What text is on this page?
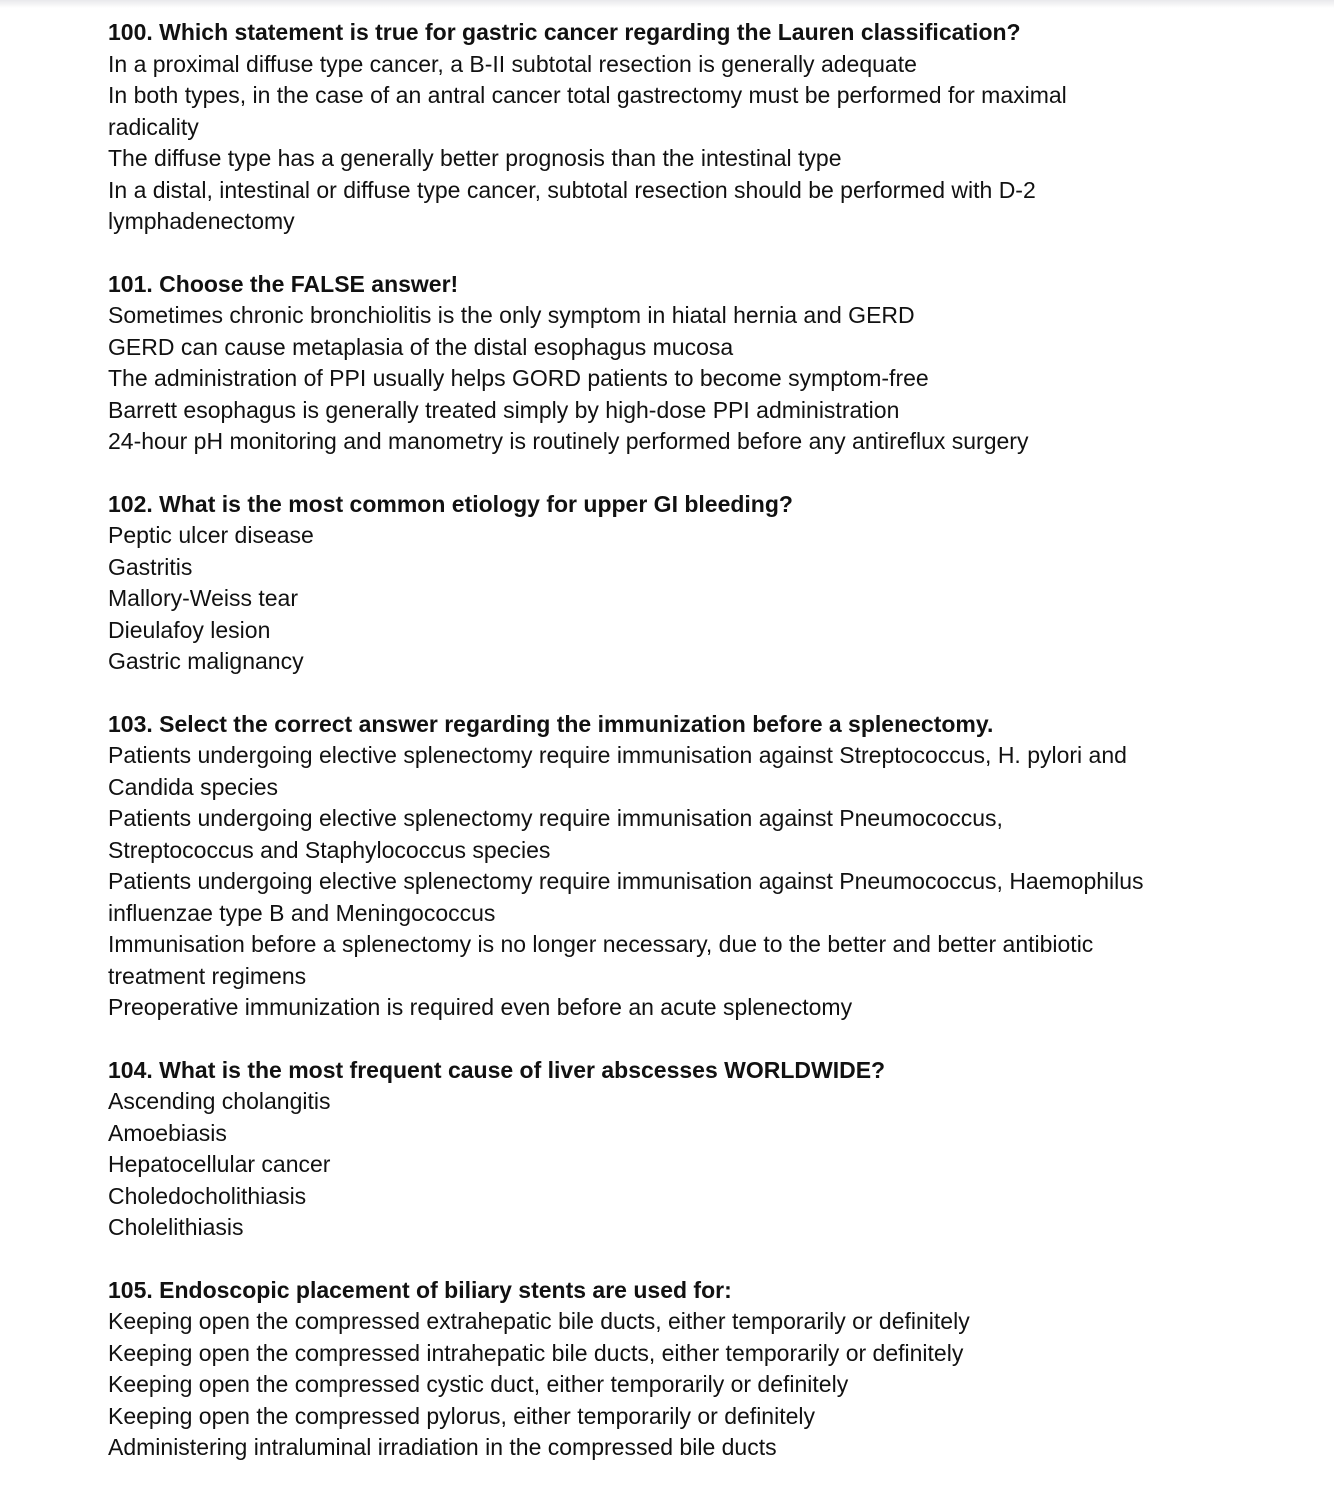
100. Which statement is true for gastric cancer regarding the Lauren classification?

In a proximal diffuse type cancer, a B-II subtotal resection is generally adequate
In both types, in the case of an antral cancer total gastrectomy must be performed for maximal radicality
The diffuse type has a generally better prognosis than the intestinal type
In a distal, intestinal or diffuse type cancer, subtotal resection should be performed with D-2 lymphadenectomy

101. Choose the FALSE answer!

Sometimes chronic bronchiolitis is the only symptom in hiatal hernia and GERD
GERD can cause metaplasia of the distal esophagus mucosa
The administration of PPI usually helps GORD patients to become symptom-free
Barrett esophagus is generally treated simply by high-dose PPI administration
24-hour pH monitoring and manometry is routinely performed before any antireflux surgery

102. What is the most common etiology for upper GI bleeding?

Peptic ulcer disease
Gastritis
Mallory-Weiss tear
Dieulafoy lesion
Gastric malignancy

103. Select the correct answer regarding the immunization before a splenectomy.

Patients undergoing elective splenectomy require immunisation against Streptococcus, H. pylori and Candida species
Patients undergoing elective splenectomy require immunisation against Pneumococcus, Streptococcus and Staphylococcus species
Patients undergoing elective splenectomy require immunisation against Pneumococcus, Haemophilus influenzae type B and Meningococcus
Immunisation before a splenectomy is no longer necessary, due to the better and better antibiotic treatment regimens
Preoperative immunization is required even before an acute splenectomy

104. What is the most frequent cause of liver abscesses WORLDWIDE?

Ascending cholangitis
Amoebiasis
Hepatocellular cancer
Choledocholithiasis
Cholelithiasis

105. Endoscopic placement of biliary stents are used for:

Keeping open the compressed extrahepatic bile ducts, either temporarily or definitely
Keeping open the compressed intrahepatic bile ducts, either temporarily or definitely
Keeping open the compressed cystic duct, either temporarily or definitely
Keeping open the compressed pylorus, either temporarily or definitely
Administering intraluminal irradiation in the compressed bile ducts
